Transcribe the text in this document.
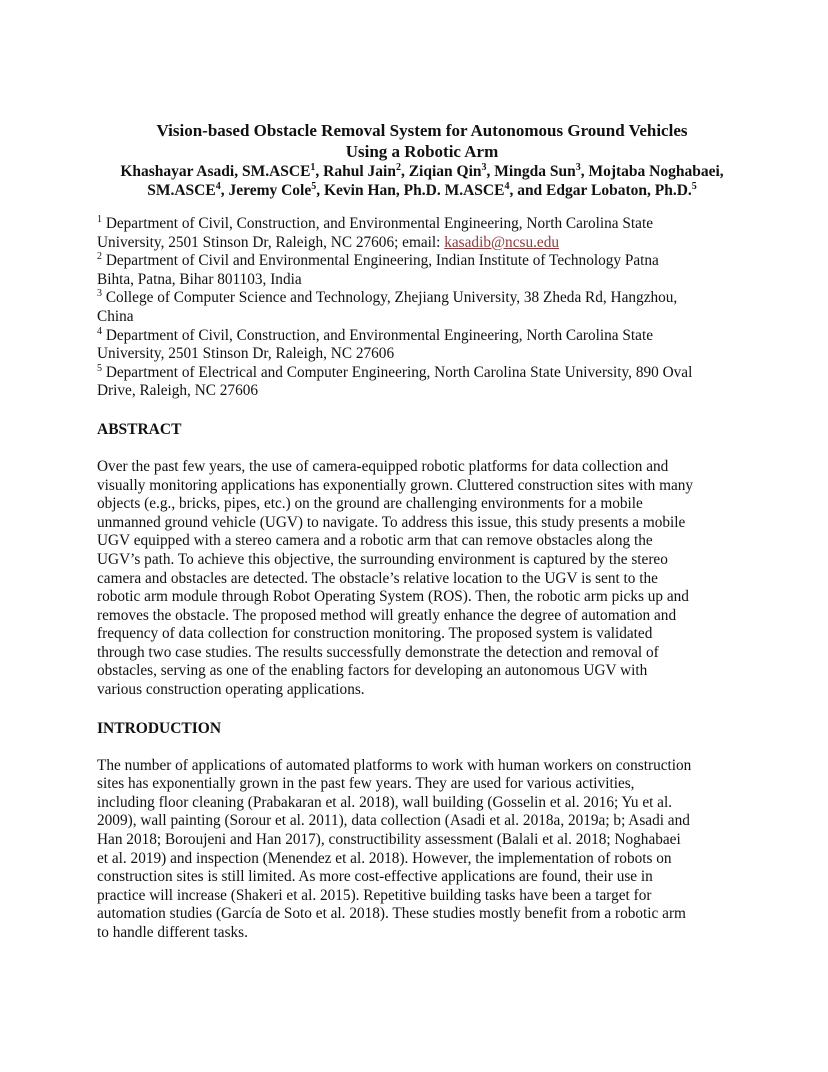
Vision-based Obstacle Removal System for Autonomous Ground Vehicles
Using a Robotic Arm
Khashayar Asadi, SM.ASCE$^1$, Rahul Jain$^2$, Ziqian Qin$^3$, Mingda Sun$^3$, Mojtaba Noghabaei,
SM.ASCE$^4$, Jeremy Cole$^5$, Kevin Han, Ph.D. M.ASCE$^4$, and Edgar Lobaton, Ph.D.$^5$
$^1$ Department of Civil, Construction, and Environmental Engineering, North Carolina State
University, 2501 Stinson Dr, Raleigh, NC 27606; email: kasadib@ncsu.edu
$^2$ Department of Civil and Environmental Engineering, Indian Institute of Technology Patna
Bihta, Patna, Bihar 801103, India
$^3$ College of Computer Science and Technology, Zhejiang University, 38 Zheda Rd, Hangzhou,
China
$^4$ Department of Civil, Construction, and Environmental Engineering, North Carolina State
University, 2501 Stinson Dr, Raleigh, NC 27606
$^5$ Department of Electrical and Computer Engineering, North Carolina State University, 890 Oval
Drive, Raleigh, NC 27606
ABSTRACT
Over the past few years, the use of camera-equipped robotic platforms for data collection and
visually monitoring applications has exponentially grown. Cluttered construction sites with many
objects (e.g., bricks, pipes, etc.) on the ground are challenging environments for a mobile
unmanned ground vehicle (UGV) to navigate. To address this issue, this study presents a mobile
UGV equipped with a stereo camera and a robotic arm that can remove obstacles along the
UGV’s path. To achieve this objective, the surrounding environment is captured by the stereo
camera and obstacles are detected. The obstacle’s relative location to the UGV is sent to the
robotic arm module through Robot Operating System (ROS). Then, the robotic arm picks up and
removes the obstacle. The proposed method will greatly enhance the degree of automation and
frequency of data collection for construction monitoring. The proposed system is validated
through two case studies. The results successfully demonstrate the detection and removal of
obstacles, serving as one of the enabling factors for developing an autonomous UGV with
various construction operating applications.
INTRODUCTION
The number of applications of automated platforms to work with human workers on construction
sites has exponentially grown in the past few years. They are used for various activities,
including floor cleaning (Prabakaran et al. 2018), wall building (Gosselin et al. 2016; Yu et al.
2009), wall painting (Sorour et al. 2011), data collection (Asadi et al. 2018a, 2019a; b; Asadi and
Han 2018; Boroujeni and Han 2017), constructibility assessment (Balali et al. 2018; Noghabaei
et al. 2019) and inspection (Menendez et al. 2018). However, the implementation of robots on
construction sites is still limited. As more cost-effective applications are found, their use in
practice will increase (Shakeri et al. 2015). Repetitive building tasks have been a target for
automation studies (García de Soto et al. 2018). These studies mostly benefit from a robotic arm
to handle different tasks.
